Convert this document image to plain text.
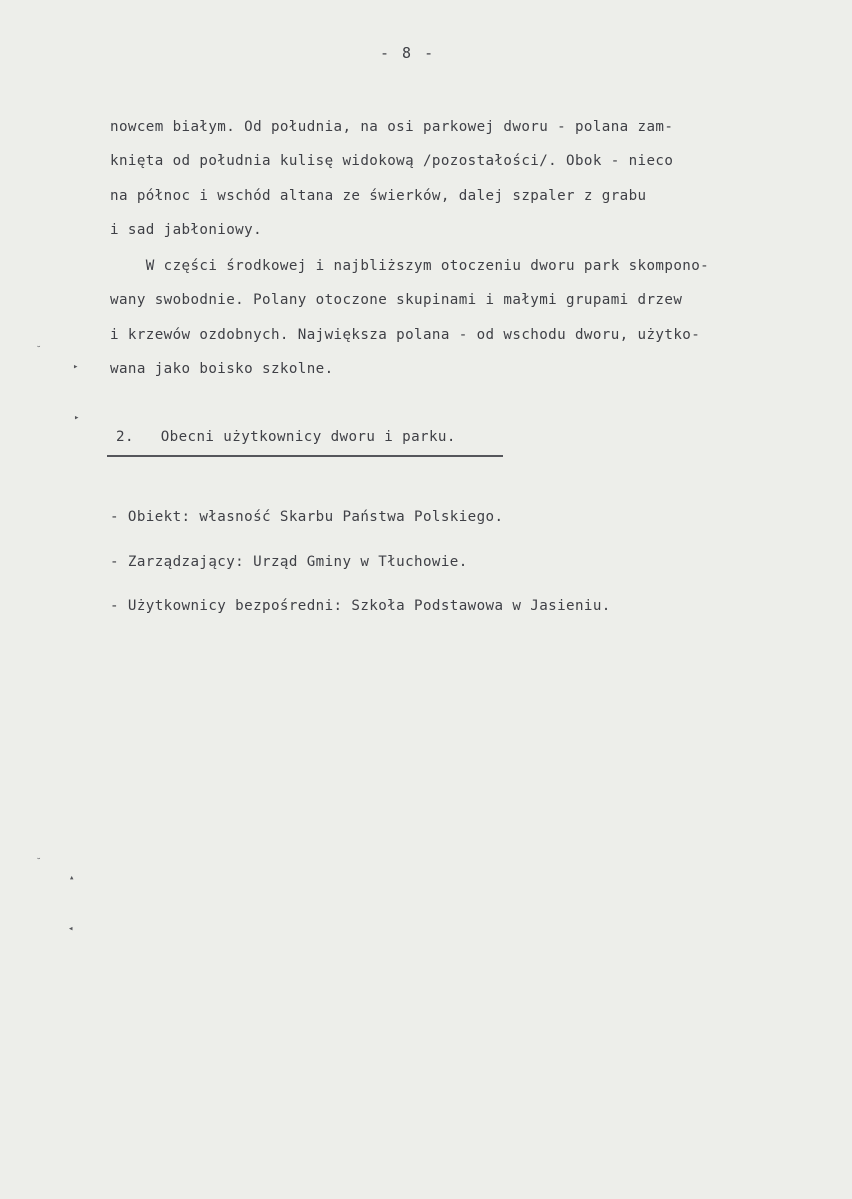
- 8 -
nowcem białym. Od południa, na osi parkowej dworu - polana zam-
knięta od południa kulisę widokową /pozostałości/. Obok - nieco
na północ i wschód altana ze świerków, dalej szpaler z grabu
i sad jabłoniowy.
W części środkowej i najbliższym otoczeniu dworu park skompono-
wany swobodnie. Polany otoczone skupinami i małymi grupami drzew
i krzewów ozdobnych. Największa polana - od wschodu dworu, użytko-
wana jako boisko szkolne.
2. Obecni użytkownicy dworu i parku.
- Obiekt: własność Skarbu Państwa Polskiego.
- Zarządzający: Urząd Gminy w Tłuchowie.
- Użytkownicy bezpośredni: Szkoła Podstawowa w Jasieniu.
˘
▸
▸
˘
▴
◂
